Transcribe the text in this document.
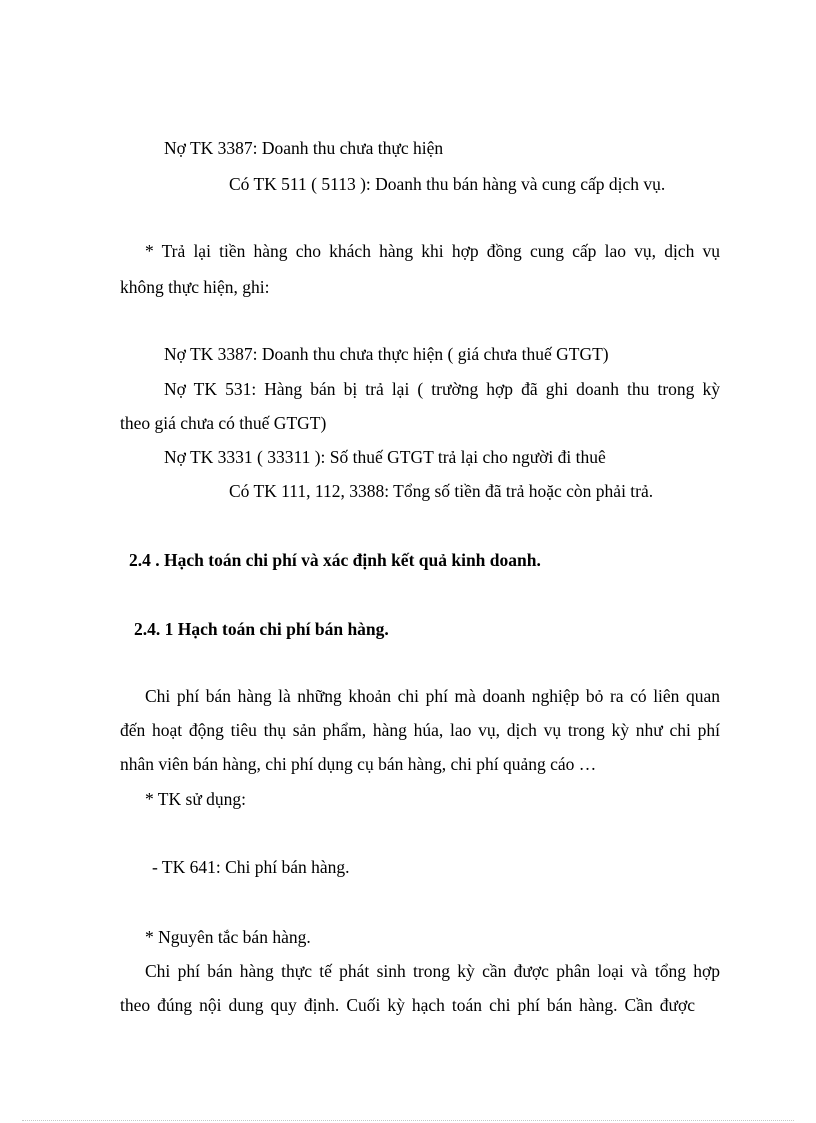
Nợ TK 3387: Doanh thu chưa thực hiện
Có TK 511 ( 5113 ): Doanh thu bán hàng và cung cấp dịch vụ.
* Trả lại tiền hàng cho khách hàng khi hợp đồng cung cấp lao vụ, dịch vụ
không thực hiện, ghi:
Nợ TK 3387: Doanh thu chưa thực hiện ( giá chưa thuế GTGT)
Nợ TK 531: Hàng bán bị trả lại ( trường hợp đã ghi doanh thu trong kỳ
theo giá chưa có thuế GTGT)
Nợ TK 3331 ( 33311 ): Số thuế GTGT trả lại cho người đi thuê
Có TK 111, 112, 3388: Tổng số tiền đã trả hoặc còn phải trả.
2.4 . Hạch toán chi phí và xác định kết quả kinh doanh.
2.4. 1 Hạch toán chi phí bán hàng.
Chi phí bán hàng là những khoản chi phí mà doanh nghiệp bỏ ra có liên quan
đến hoạt động tiêu thụ sản phẩm, hàng húa, lao vụ, dịch vụ trong kỳ như chi phí
nhân viên bán hàng, chi phí dụng cụ bán hàng, chi phí quảng cáo …
* TK sử dụng:
- TK 641: Chi phí bán hàng.
* Nguyên tắc bán hàng.
Chi phí bán hàng thực tế phát sinh trong kỳ cần được phân loại và tổng hợp
theo đúng nội dung quy định. Cuối kỳ hạch toán chi phí bán hàng. Cần được
